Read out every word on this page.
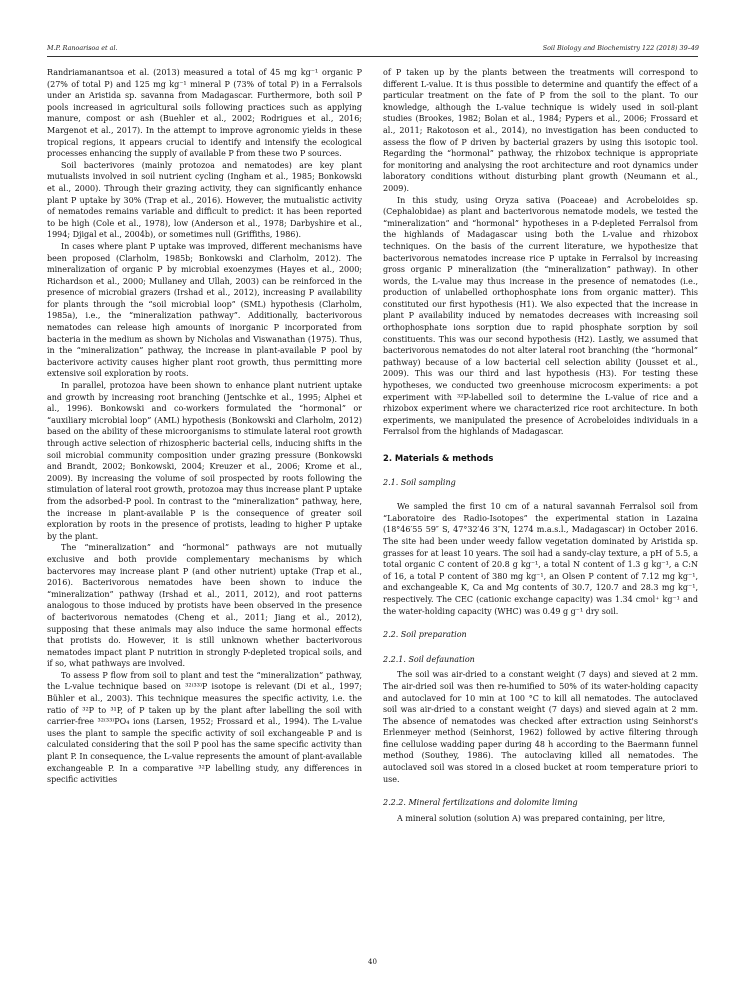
M.P. Ranoarisoa et al.	Soil Biology and Biochemistry 122 (2018) 39–49

Randriamanantsoa et al. (2013) measured a total of 45 mg kg⁻¹ organic P (27% of total P) and 125 mg kg⁻¹ mineral P (73% of total P) in a Ferralsols under an Aristida sp. savanna from Madagascar. Furthermore, both soil P pools increased in agricultural soils following practices such as applying manure, compost or ash (Buehler et al., 2002; Rodrigues et al., 2016; Margenot et al., 2017). In the attempt to improve agronomic yields in these tropical regions, it appears crucial to identify and intensify the ecological processes enhancing the supply of available P from these two P sources.

Soil bacterivores (mainly protozoa and nematodes) are key plant mutualists involved in soil nutrient cycling (Ingham et al., 1985; Bonkowski et al., 2000). Through their grazing activity, they can significantly enhance plant P uptake by 30% (Trap et al., 2016). However, the mutualistic activity of nematodes remains variable and difficult to predict: it has been reported to be high (Cole et al., 1978), low (Anderson et al., 1978; Darbyshire et al., 1994; Djigal et al., 2004b), or sometimes null (Griffiths, 1986).

In cases where plant P uptake was improved, different mechanisms have been proposed (Clarholm, 1985b; Bonkowski and Clarholm, 2012). The mineralization of organic P by microbial exoenzymes (Hayes et al., 2000; Richardson et al., 2000; Mullaney and Ullah, 2003) can be reinforced in the presence of microbial grazers (Irshad et al., 2012), increasing P availability for plants through the “soil microbial loop” (SML) hypothesis (Clarholm, 1985a), i.e., the “mineralization pathway”. Additionally, bacterivorous nematodes can release high amounts of inorganic P incorporated from bacteria in the medium as shown by Nicholas and Viswanathan (1975). Thus, in the “mineralization” pathway, the increase in plant-available P pool by bacterivore activity causes higher plant root growth, thus permitting more extensive soil exploration by roots.

In parallel, protozoa have been shown to enhance plant nutrient uptake and growth by increasing root branching (Jentschke et al., 1995; Alphei et al., 1996). Bonkowski and co-workers formulated the “hormonal” or “auxiliary microbial loop” (AML) hypothesis (Bonkowski and Clarholm, 2012) based on the ability of these microorganisms to stimulate lateral root growth through active selection of rhizospheric bacterial cells, inducing shifts in the soil microbial community composition under grazing pressure (Bonkowski and Brandt, 2002; Bonkowski, 2004; Kreuzer et al., 2006; Krome et al., 2009). By increasing the volume of soil prospected by roots following the stimulation of lateral root growth, protozoa may thus increase plant P uptake from the adsorbed-P pool. In contrast to the “mineralization” pathway, here, the increase in plant-available P is the consequence of greater soil exploration by roots in the presence of protists, leading to higher P uptake by the plant.

The “mineralization” and “hormonal” pathways are not mutually exclusive and both provide complementary mechanisms by which bactervores may increase plant P (and other nutrient) uptake (Trap et al., 2016). Bacterivorous nematodes have been shown to induce the “mineralization” pathway (Irshad et al., 2011, 2012), and root patterns analogous to those induced by protists have been observed in the presence of bacterivorous nematodes (Cheng et al., 2011; Jiang et al., 2012), supposing that these animals may also induce the same hormonal effects that protists do. However, it is still unknown whether bacterivorous nematodes impact plant P nutrition in strongly P-depleted tropical soils, and if so, what pathways are involved.

To assess P flow from soil to plant and test the “mineralization” pathway, the L-value technique based on ³²⁽³³⁾P isotope is relevant (Di et al., 1997; Bühler et al., 2003). This technique measures the specific activity, i.e. the ratio of ³²P to ³¹P, of P taken up by the plant after labelling the soil with carrier-free ³²⁽³³⁾PO₄ ions (Larsen, 1952; Frossard et al., 1994). The L-value uses the plant to sample the specific activity of soil exchangeable P and is calculated considering that the soil P pool has the same specific activity than plant P. In consequence, the L-value represents the amount of plant-available exchangeable P. In a comparative ³²P labelling study, any differences in specific activities

of P taken up by the plants between the treatments will correspond to different L-value. It is thus possible to determine and quantify the effect of a particular treatment on the fate of P from the soil to the plant. To our knowledge, although the L-value technique is widely used in soil-plant studies (Brookes, 1982; Bolan et al., 1984; Pypers et al., 2006; Frossard et al., 2011; Rakotoson et al., 2014), no investigation has been conducted to assess the flow of P driven by bacterial grazers by using this isotopic tool. Regarding the “hormonal” pathway, the rhizobox technique is appropriate for monitoring and analysing the root architecture and root dynamics under laboratory conditions without disturbing plant growth (Neumann et al., 2009).

In this study, using Oryza sativa (Poaceae) and Acrobeloides sp. (Cephalobidae) as plant and bacterivorous nematode models, we tested the “mineralization” and “hormonal” hypotheses in a P-depleted Ferralsol from the highlands of Madagascar using both the L-value and rhizobox techniques. On the basis of the current literature, we hypothesize that bacterivorous nematodes increase rice P uptake in Ferralsol by increasing gross organic P mineralization (the “mineralization” pathway). In other words, the L-value may thus increase in the presence of nematodes (i.e., production of unlabelled orthophosphate ions from organic matter). This constituted our first hypothesis (H1). We also expected that the increase in plant P availability induced by nematodes decreases with increasing soil orthophosphate ions sorption due to rapid phosphate sorption by soil constituents. This was our second hypothesis (H2). Lastly, we assumed that bacterivorous nematodes do not alter lateral root branching (the “hormonal” pathway) because of a low bacterial cell selection ability (Jousset et al., 2009). This was our third and last hypothesis (H3). For testing these hypotheses, we conducted two greenhouse microcosm experiments: a pot experiment with ³²P-labelled soil to determine the L-value of rice and a rhizobox experiment where we characterized rice root architecture. In both experiments, we manipulated the presence of Acrobeloides individuals in a Ferralsol from the highlands of Madagascar.

2. Materials & methods
2.1. Soil sampling

We sampled the first 10 cm of a natural savannah Ferralsol soil from “Laboratoire des Radio-Isotopes” the experimental station in Lazaina (18°46′55 59″ S, 47°32′46 3″N, 1274 m.a.s.l., Madagascar) in October 2016. The site had been under weedy fallow vegetation dominated by Aristida sp. grasses for at least 10 years. The soil had a sandy-clay texture, a pH of 5.5, a total organic C content of 20.8 g kg⁻¹, a total N content of 1.3 g kg⁻¹, a C:N of 16, a total P content of 380 mg kg⁻¹, an Olsen P content of 7.12 mg kg⁻¹, and exchangeable K, Ca and Mg contents of 30.7, 120.7 and 28.3 mg kg⁻¹, respectively. The CEC (cationic exchange capacity) was 1.34 cmol⁺ kg⁻¹ and the water-holding capacity (WHC) was 0.49 g g⁻¹ dry soil.

2.2. Soil preparation
2.2.1. Soil defaunation

The soil was air-dried to a constant weight (7 days) and sieved at 2 mm. The air-dried soil was then re-humified to 50% of its water-holding capacity and autoclaved for 10 min at 100 °C to kill all nematodes. The autoclaved soil was air-dried to a constant weight (7 days) and sieved again at 2 mm. The absence of nematodes was checked after extraction using Seinhorst's Erlenmeyer method (Seinhorst, 1962) followed by active filtering through fine cellulose wadding paper during 48 h according to the Baermann funnel method (Southey, 1986). The autoclaving killed all nematodes. The autoclaved soil was stored in a closed bucket at room temperature priori to use.

2.2.2. Mineral fertilizations and dolomite liming

A mineral solution (solution A) was prepared containing, per litre,

40
